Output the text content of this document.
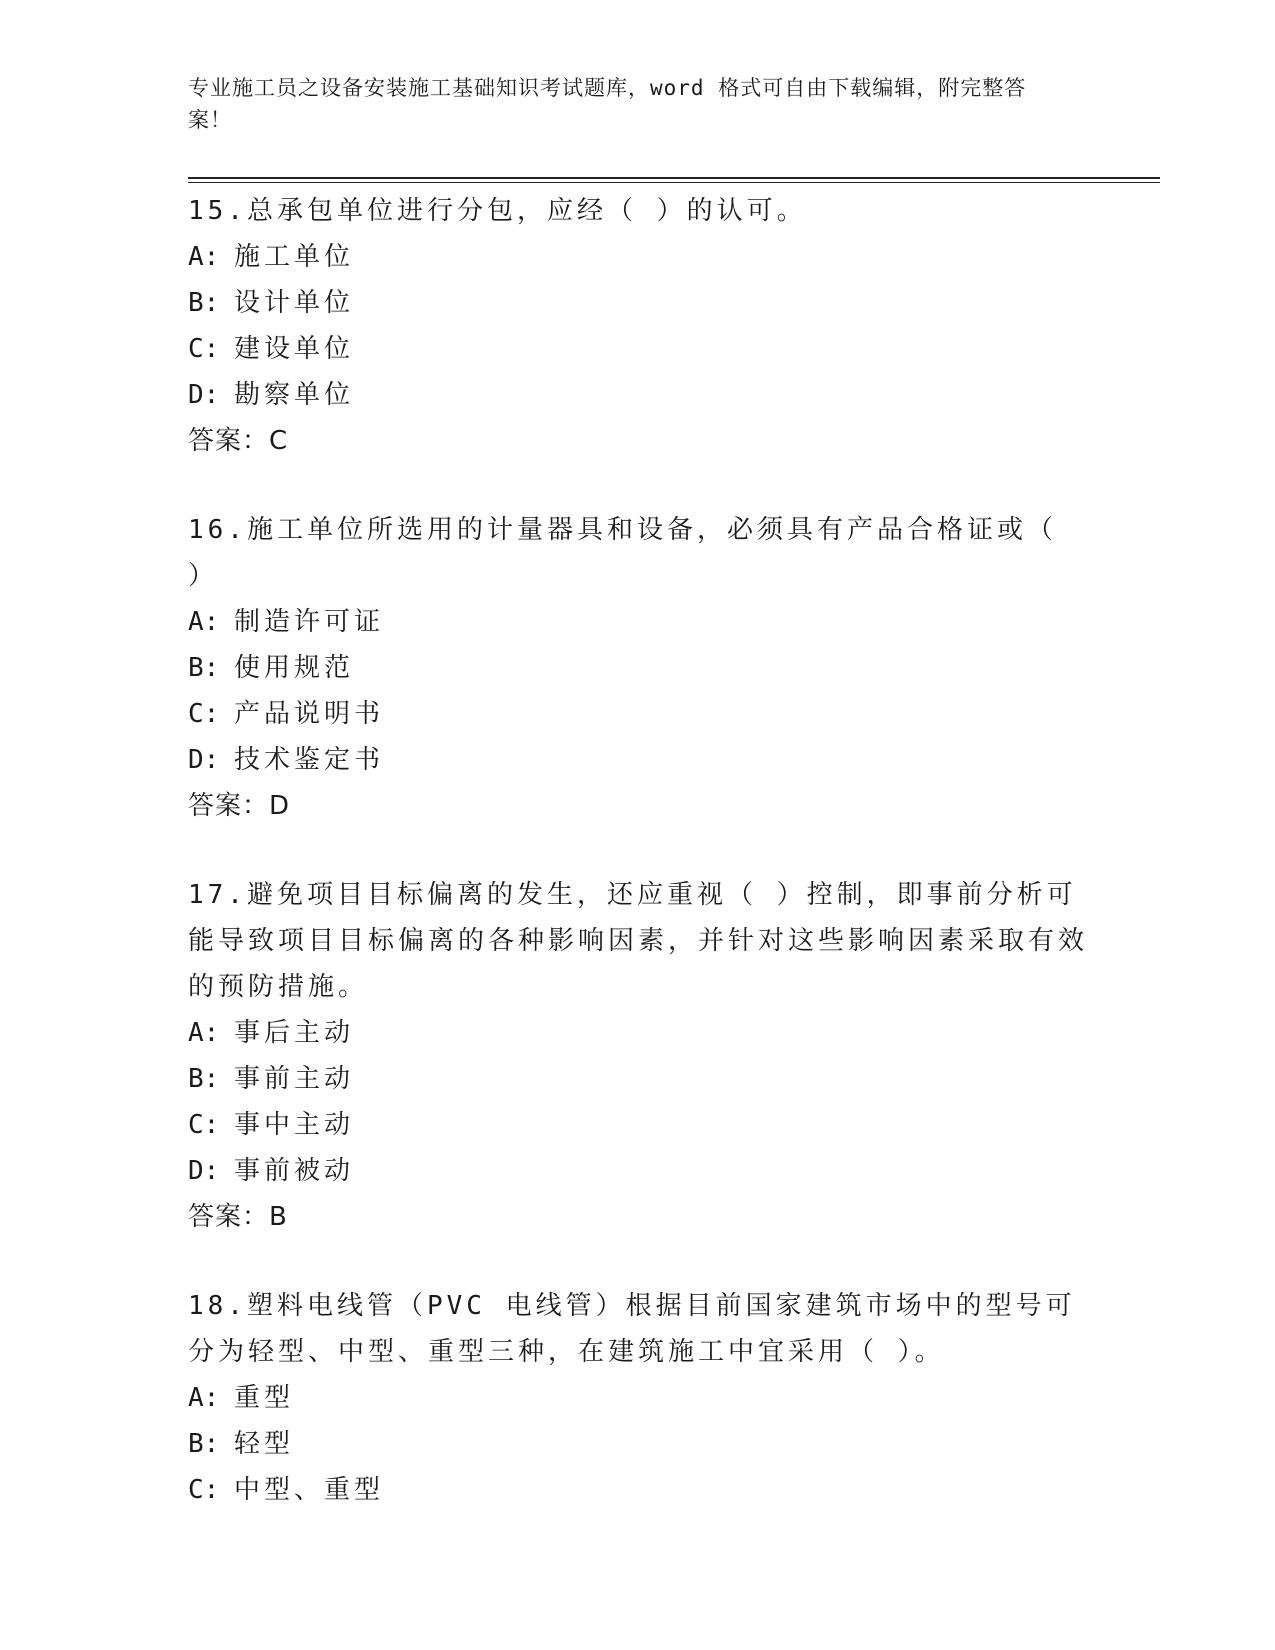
专业施工员之设备安装施工基础知识考试题库，word 格式可自由下载编辑，附完整答案！
15.总承包单位进行分包，应经（ ）的认可。
A: 施工单位
B: 设计单位
C: 建设单位
D: 勘察单位
答案：C
16.施工单位所选用的计量器具和设备，必须具有产品合格证或（ ）
A: 制造许可证
B: 使用规范
C: 产品说明书
D: 技术鉴定书
答案：D
17.避免项目目标偏离的发生，还应重视（ ）控制，即事前分析可能导致项目目标偏离的各种影响因素，并针对这些影响因素采取有效的预防措施。
A: 事后主动
B: 事前主动
C: 事中主动
D: 事前被动
答案：B
18.塑料电线管（PVC 电线管）根据目前国家建筑市场中的型号可分为轻型、中型、重型三种，在建筑施工中宜采用（ ）。
A: 重型
B: 轻型
C: 中型、重型
